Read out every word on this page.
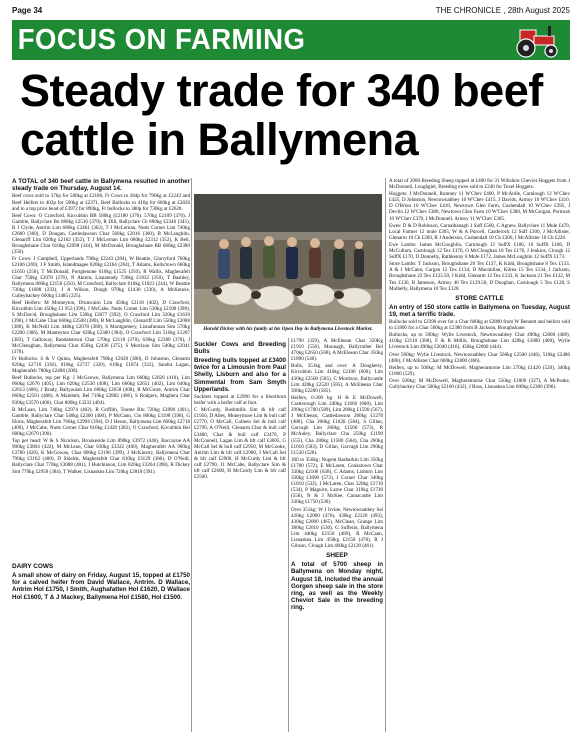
Page 34	THE CHRONICLE , 28th August 2025
FOCUS ON FARMING
Steady trade for 340 beef cattle in Ballymena

A TOTAL of 340 beef cattle in Ballymena resulted in another steady trade on Thursday, August 14.

Beef cows sold to 376p for 580kg at £2180, Fr Cows to 284p for 790kg at £2243 and Beef Heifers to 402p for 590kg at £2371. Beef Bullocks to 410p for 660kg at £2826 and to a top price head of £3972 for 890kg, Fr bullocks to 380p for 730kg at £2628.

Beef Cows: O Crawford, Kircubbin BB 580kg (£2180 (376). 570kg £2109 (370), J Gamble, Ballyclare Bn 680kg £2516 (370), R Dill, Ballyclare Ch 680kg £2346 (345), B J Clyde, Antrim Lim 680kg £2461 (362), T J McLernan, Nutts Corner Lim 740kg £2660 (360), D Dougan, Castledawson Char 560kg £2016 (360), B McLaughlin, Glenariff Lim 620kg £2162 (352), T J McLernan Lim 680kg £2312 (352), K Bell, Broughshane Char 610kg £2098 (344), M McDonald, Broughshane BB 680kg £2380 (350).

Fr Cows: J Campbell, Upperlands 790kg £2243 (284), W Beattie, Glarryford 760kg £2106 (269), J F Smith, Islandmagee 820kg £2164 (264), T Adams, Kells/town 660kg £1650 (250), T McDonald, Portglenone 610kg £1525 (250), R Wallis, Magherafelt Char 750kg £2070 (276), N Akmin, Lisnaready 730kg £1832 (250), T Bashley, Ballymena 860kg £2150 (250), M Crawford, Ballyclare 610kg £1823 (244), W Beattie 730kg £1688 (233), J A Wilson, Dough 970kg £1430 (230), A McKenzie, Culleybackey 660kg £1485 (225).

Beef Heifers: M Monteyton, Drumcairn Lim 450kg £2118 (402), D Crawford, Kircubbin Lim 450kg £1 953 (390), J McCabe, Nutts Corner Lim 530kg £2108 (398), S McDavid, Broughshane Lim 530kg £2077 (392), O Crawford Lim 320kg £1630 (390), J McCabe Char 660kg £2508 (380), B McLaughlin, Glenariff Lim 550kg £2088 (380), K McNeill Lim 440kg £2078 (380), S Montgomery, Lisnafunnan Sim 570kg £2200 (386), M Manteyton Char 620kg £2380 (384), O Crawford Lim 510kg £1207 (383), T Galloway, Randalstown Char 570kg £2118 (378), 630kg £2380 (378), J McClenaghan, Ballymena Char 650kg £2436 (375), S Morrison Sim 540kg £2041 (378).

Fr Bullocks: S & V Quinn, Magherafelt 790kg £2628 (380), D Johnston, Glenarm 820kg £2716 (330), 810kg £2737 (320), 610kg £1874 (322), Sandra Lagan, Magherafelt 780kg £2408 (308).

Beef Bullocks, top per Kg: J McGeown, Ballymena Lim 660kg £2826 (410), Lim 660kg £2676 (405), Lim 620kg £2530 (408), Lim 660kg £2651 (402), Lim 640kg £2613 (406), J Brady, Ballyoulah Lim 600kg £2658 (408), R McGuire, Antrim Char 660kg £2561 (408), A Mainbelt, Bel 710kg £2882 (406), S Rodgers, Maghera Char 930kg £3570 (400), Char 800kg £3232 (404).

R McLean, Lim 740kg £2974 (402), R Griffith, Toome Blu 720kg £2890 (401), Gamble, Ballyclare Char 540kg £2300 (400), P McCann, Clo 800kg £3198 (398), G Ekins, Magherafelt Lim 760kg £2994 (394), D J Heron, Ballymena Lim 660kg £2718 (400), J McCabe, Nutts Corner Char 610kg £1420 (382), O Crawford, Kircubbin Bel 680kg £2670 (390).

Top per head: W & S Nicolson, Brookeside Lim 890kg £3972 (446), Baccayne AA 900kg £3804 (422), M McLean, Char 830kg £3322 (400), Magherafelt AA 900kg £3780 (420), K McGowan, Char 800kg £3196 (399), J McKinstry, Ballymena Char 790kg £3162 (400), D Shields, Magherafelt Char 810kg £3129 (386), D O'Neill, Ballyclare Char 770kg £3088 (401), J Hutchinson, Lim 820kg £3264 (398), R Dickey Sim 770kg £2958 (384), T Walker, Lisnaskea Lim 720kg £2818 (391).

DAIRY COWS

A small show of dairy on Friday, August 15, topped at £1750 for a calved heifer from David Wallace, Antrim. D Wallace, Antrim Hol £1750, I Smith, Aughafatten Hol £1620, D Wallace Hol £1600, T & J Mackey, Ballymena Hol £1580, Hol £1500.

Harold Dickey with his family at his Open Day in Ballymena Livestock Market.
Suckler Cows and Breeding Bulls

Breeding bulls topped at £3400 twice for a Limousin from Paul Shelly, Lisburn and also for a Simmental from Sam Smyth Upperlands.

Sucklers topped at £2990 for a Shorthorn heifer with a heifer calf at foot.

C McCurdy, Bushmills Sim & bfr calf £1950, D Alles, Moneymore Lim & bull calf £2770, O McCall, Colleen Sel & bull calf £2790, A O'Neill, Glenarm Char & bull calf £3480, Char & bull calf £3470, P McConnell, Lagan Lim & bfr calf £3005, G McCall Sel & bull calf £2950, M McCooke, Antrim Lim & bfr calf £2900, J McCall Sel & bfr calf £2900, H McCurdy Lim & bfr calf £2790, J1 McCabe, Ballyclare Sim & bfr calf £2600, H McCurdy Lim & bfr calf £2500.

£1790 (359), A McEleean Char 350Kg £1910 (556), Mounagh, Ballyruther Bel 470kg £2650 (568), A McEleean Char 350kg £1890 (540).

Bulls, 351kg and over: A Dougherty, Kircubbin Lim 410kg £2100 (600), Lim 430kg £2500 (585), C Morrison, Ballycastle Lim 420kg £2520 (585), A McEleean Char 390kg £2280 (585).

Heifers, 0-300 kg: H & E McDowell, Castlerough Lim 240kg £1660 (680), Lim 290kg £1700 (589), Lim 280kg £1590 (567), J McEleean, Castledawson 260kg £1270 (488), Cha 200kg £1620 (584), S Gillan, Garvagh Lim 260kg £1560 (573), R McAuley, Ballyclare Cha 250kg £1190 (555), Cha 280kg £1580 (564), Cha 260kg £1610 (583), D Gillan, Garvagh Lim 290kg £1530 (528).

300 to 350kg: Nugent Rasharkin Lim 350kg £1780 (572), E McLaren, Cookstown Char 330kg £2100 (638), C Adams, Lisburn Lim 330kg £1890 (573), J Corner Char 340kg £1810 (532), I McLaren, Char 320kg £1710 (534), P Maguire, Larne Char 310kg £1730 (558), N & J McKee, Carnacastle Lim 330kg £1750 (530).

Over 351kg: W J Irvine, Newtownabbey Sel 420kg £2000 (476), 430kg £2120 (493), 430kg £2000 (465), McClean, Grange Lim 380kg £2010 (530), G Sufferin, Ballymena Lim 440kg £2150 (489), R McCann, Lisnaskea Lim 450kg £2150 (478), R J Gibson, Clough Lim 460kg £2120 (461).

SHEEP

A total of 5700 sheep in Ballymena on Monday night, August 18, included the annual Gorgen sheep sale in the store ring, as well as the Weekly Cheviot Sale in the breeding ring.

A total of 2000 Breeding Sheep topped at £400 for 31 Wiltshire Cheviot Hoggets from J McDonnell, Loughgiel, Breeding ewes sold to £240 for Texel Hoggets.

Hoggets: J McDonnell, Rumney 11 W'Chev £400, P McArdle, Carnlough 12 W'Chev £425, D Johnston, Newtownabbey 10 W'Chev £415, J Davids, Armoy 10 W'Chev £410, D O'Brien 10 W'Chev £410, Newtown Glen Farm, Cushendall 10 W'Chev £395, J Devlin 12 W'Chev £380, Newtown Glen Farm 10 W'Chev £380, M McGuigan, Portrush 10 W'Chev £370, I McDonnell, Armoy 11 W'Chev £365.

Ewes: D & D Robinson, Carnalbanagh 1 Suff £560, C Agnew, Ballyclare 11 Mule £470, Local Farmer 12 mule £305, W & A Purcell, Castlerock 12 Suff £300, J McAllister, Glenarm 10 Ch £260, R J Anderson, Cushendall 10 Ch £300, I McAllister 10 Ch £220.

Ewe Lambs: James McGoughlin, Carnlough 12 SuffX £186, 10 SuffX £186, D McCullum, Carnlough 12 Tex £176, O McCloughan 10 Tex £176, J Jenkins, Clough 12 SuffX £170, D Donnelly, Rathkenny 6 Mule £172, James McLoughlin 12 SuffX £173.

Store Lambs: T Jackson, Broughshane 20 Tex £137, K Kidd, Broughshane 8 Tex £133, A & J McCann, Cargan 12 Tex £134, D Macmillan, Kilrea 15 Tex £134, I Jackson, Broughshane 23 Tex £133.50, J Kidd, Glenarm 12 Tex £133, K Jackson 21 Tex £132, M Tex £130, B Jameson, Armoy 40 Tex £129.50, D Dooghan, Carnlough 5 Tex £128, S Mulhelly, Ballymena 10 Tex £128.

STORE CATTLE

An entry of 150 store cattle in Ballymena on Tuesday, August 19, met a terrific trade.

Bullocks sold to £2390 over for a Char 600kg at £2800 from W Bennett and heifers sold to £1800 for a Char 500kg at £2380 from B Jackson, Broughshane.

Bullocks, up to 500kg: Wylie Livestock, Newtownabbey Char 490kg £2000 (408), 410kg £2110 (388), F & R Millin, Broughshane Lim 420kg £1680 (400), Wylie Livestock Lim 490kg £2040 (416), 450kg £2000 (444).

Over 500kg: Wylie Livestock, Newtownabbey Char 560kg £2500 (446), 510kg £2480 (486), J McAllister Char 600kg £2800 (466).

Heifers, up to 500kg: M McDowell, Magheramorne Lim 270kg £1420 (520), 340kg £1800 (529).

Over 500kg: M McDowell, Magheramorne Char 550kg £1800 (327), A McPeake, Cullybackey Char 500kg £2160 (432), J Ross, Lisnaskea Lim 600kg £2380 (396).
